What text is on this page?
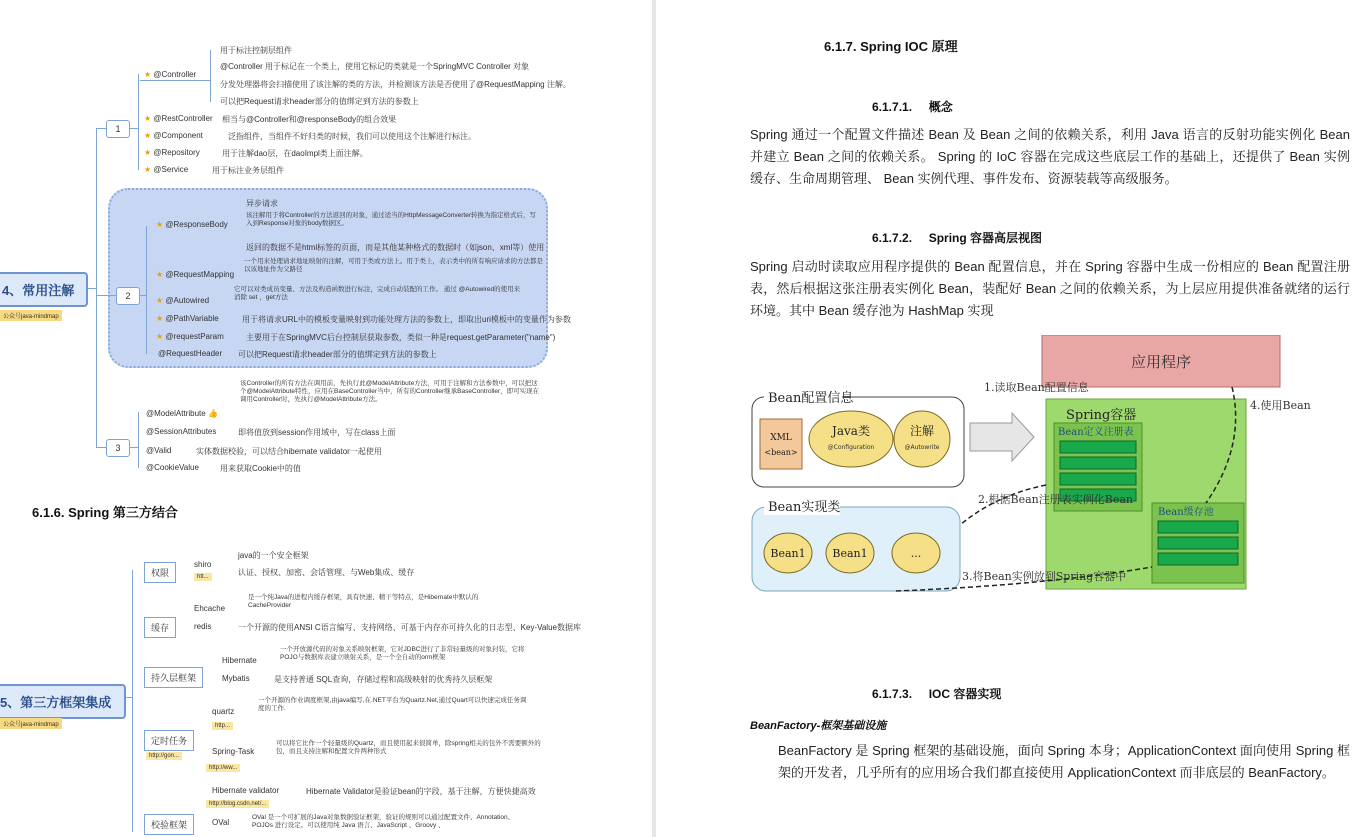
4、常用注解
公众号java-mindmap
1
2
3
★ @Controller
用于标注控制层组件
@Controller 用于标记在一个类上，使用它标记的类就是一个SpringMVC Controller 对象
分发处理器将会扫描使用了该注解的类的方法，并检测该方法是否使用了@RequestMapping 注解。
可以把Request请求header部分的值绑定到方法的参数上
★ @RestController 相当与@Controller和@responseBody的组合效果
★ @Component	泛指组件，当组件不好归类的时候，我们可以使用这个注解进行标注。
★ @Repository	用于注解dao层，在daoImpl类上面注解。
★ @Service	用于标注业务层组件
★ @ResponseBody
异步请求
该注解用于将Controller的方法返回的对象，通过适当的HttpMessageConverter转换为指定格式后，写入到Response对象的body数据区。
返回的数据不是html标签的页面，而是其他某种格式的数据时（如json、xml等）使用
★ @RequestMapping
一个用来处理请求地址映射的注解，可用于类或方法上。用于类上，表示类中的所有响应请求的方法都是以该地址作为父路径
★ @Autowired
它可以对类成员变量、方法及构造函数进行标注，完成自动装配的工作。 通过 @Autowired的使用来消除 set ，get方法
★ @PathVariable	用于将请求URL中的模板变量映射到功能处理方法的参数上，即取出uri模板中的变量作为参数
★ @requestParam	主要用于在SpringMVC后台控制层获取参数，类似一种是request.getParameter("name")
@RequestHeader 可以把Request请求header部分的值绑定到方法的参数上
@ModelAttribute 👍
该Controller的所有方法在调用前，先执行此@ModelAttribute方法，可用于注解和方法参数中，可以把这个@ModelAttribute特性，应用在BaseController当中，所有的Controller继承BaseController，即可实现在调用Controller时，先执行@ModelAttribute方法。
@SessionAttributes	即将值放到session作用域中，写在class上面
@Valid	实体数据校验，可以结合hibernate validator一起使用
@CookieValue	用来获取Cookie中的值
6.1.6. Spring 第三方结合
5、第三方框架集成
公众号java-mindmap
权限
shiro
htt...
java的一个安全框架
认证、授权、加密、会话管理、与Web集成、缓存
缓存
Ehcache
是一个纯Java的进程内缓存框架，具有快速、精干等特点，是Hibernate中默认的CacheProvider
redis	一个开源的使用ANSI C语言编写、支持网络、可基于内存亦可持久化的日志型、Key-Value数据库
持久层框架
Hibernate
一个开放源代码的对象关系映射框架，它对JDBC进行了非常轻量级的对象封装，它将POJO与数据库表建立映射关系，是一个全自动的orm框架
Mybatis	是支持普通 SQL查询，存储过程和高级映射的优秀持久层框架
定时任务
http://gon...
quartz
http...
一个开源的作业调度框架,由java编写,在.NET平台为Quartz.Net,通过Quart可以快速完成任务调度的工作.
Spring-Task
http://ww...
可以将它比作一个轻量级的Quartz，而且使用起来很简单，除spring相关的包外不需要额外的包，而且支持注解和配置文件两种形式
校验框架
Hibernate validator
http://blog.csdn.net/...
Hibernate Validator是验证bean的字段，基于注解，方便快捷高效
OVal
OVal 是一个可扩展的Java对象数据验证框架，验证的规则可以通过配置文件、Annotation、POJOs 进行设定。可以使用纯 Java 语言、JavaScript 、Groovy 、
6.1.7. Spring IOC 原理
6.1.7.1. 概念
Spring 通过一个配置文件描述 Bean 及 Bean 之间的依赖关系，利用 Java 语言的反射功能实例化 Bean 并建立 Bean 之间的依赖关系。 Spring 的 IoC 容器在完成这些底层工作的基础上，还提供了 Bean 实例缓存、生命周期管理、 Bean 实例代理、事件发布、资源装载等高级服务。
6.1.7.2. Spring 容器高层视图
Spring 启动时读取应用程序提供的 Bean 配置信息，并在 Spring 容器中生成一份相应的 Bean 配置注册表，然后根据这张注册表实例化 Bean，装配好 Bean 之间的依赖关系，为上层应用提供准备就绪的运行环境。其中 Bean 缓存池为 HashMap 实现
应用程序
Bean配置信息
XML
<bean>
Java类
@Configuration
注解
@Autowrite
1.读取Bean配置信息
Spring容器
Bean定义注册表
Bean缓存池
4.使用Bean
Bean实现类
Bean1 Bean1	...
2.根据Bean注册表实例化Bean
3.将Bean实例放到Spring容器中
6.1.7.3. IOC 容器实现
BeanFactory-框架基础设施
BeanFactory 是 Spring 框架的基础设施，面向 Spring 本身；ApplicationContext 面向使用 Spring 框架的开发者，几乎所有的应用场合我们都直接使用 ApplicationContext 而非底层的 BeanFactory。
